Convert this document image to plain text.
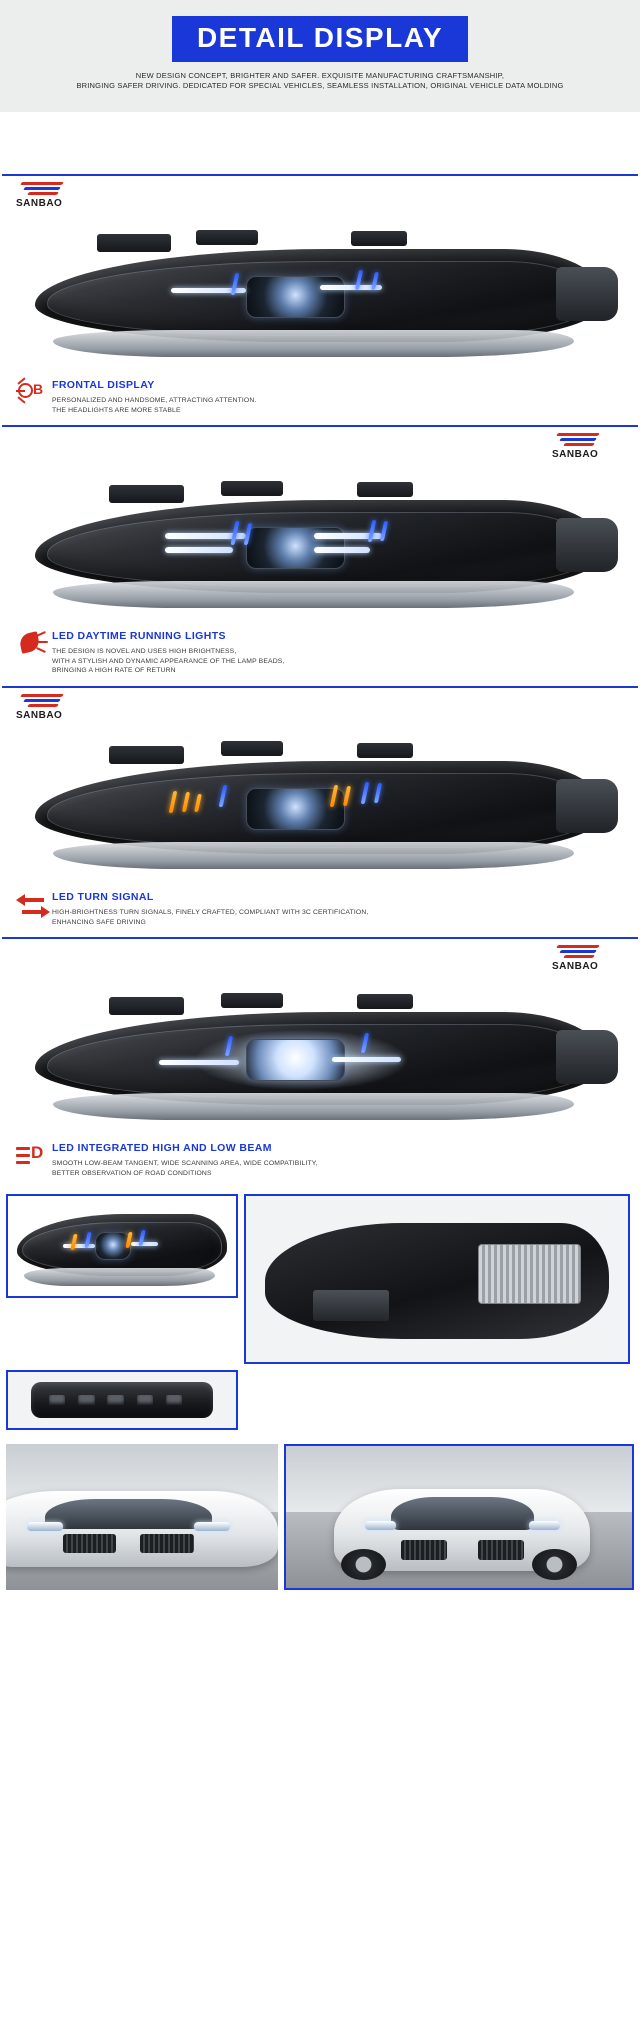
DETAIL DISPLAY
NEW DESIGN CONCEPT, BRIGHTER AND SAFER. EXQUISITE MANUFACTURING CRAFTSMANSHIP,
BRINGING SAFER DRIVING. DEDICATED FOR SPECIAL VEHICLES, SEAMLESS INSTALLATION, ORIGINAL VEHICLE DATA MOLDING
SANBAO
B FRONTAL DISPLAY
PERSONALIZED AND HANDSOME, ATTRACTING ATTENTION.
THE HEADLIGHTS ARE MORE STABLE
SANBAO
LED DAYTIME RUNNING LIGHTS
THE DESIGN IS NOVEL AND USES HIGH BRIGHTNESS,
WITH A STYLISH AND DYNAMIC APPEARANCE OF THE LAMP BEADS,
BRINGING A HIGH RATE OF RETURN
SANBAO
LED TURN SIGNAL
HIGH-BRIGHTNESS TURN SIGNALS, FINELY CRAFTED, COMPLIANT WITH 3C CERTIFICATION,
ENHANCING SAFE DRIVING
SANBAO
D LED INTEGRATED HIGH AND LOW BEAM
SMOOTH LOW-BEAM TANGENT, WIDE SCANNING AREA, WIDE COMPATIBILITY,
BETTER OBSERVATION OF ROAD CONDITIONS
